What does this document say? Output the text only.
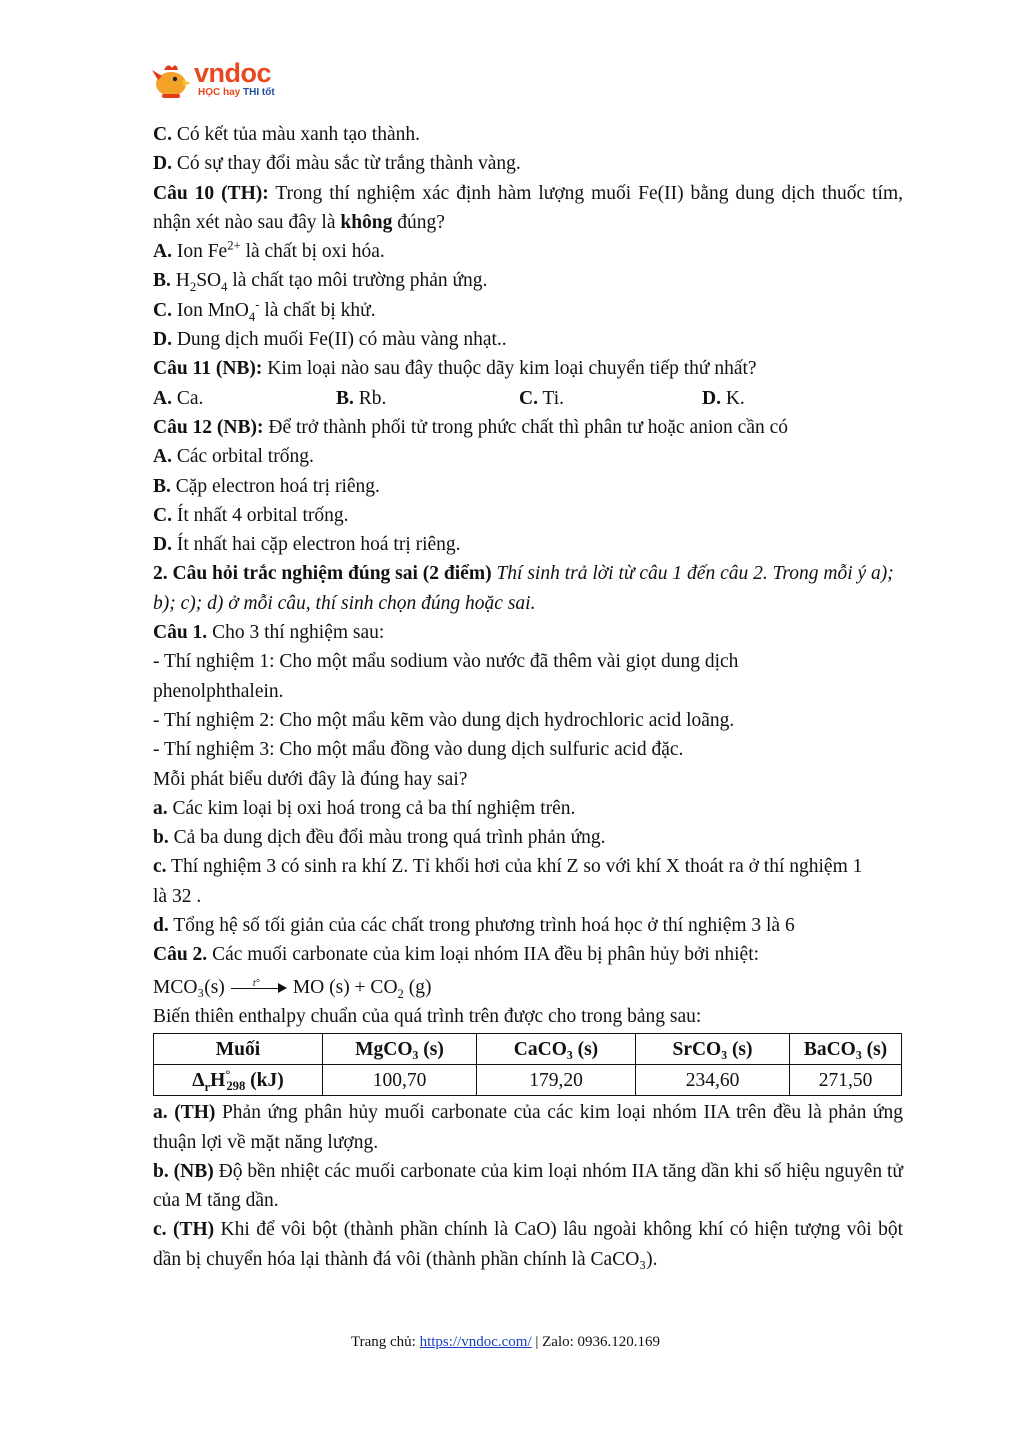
vndoc
HỌC hay THI tốt

C. Có kết tủa màu xanh tạo thành.

D. Có sự thay đổi màu sắc từ trắng thành vàng.

Câu 10 (TH): Trong thí nghiệm xác định hàm lượng muối Fe(II) bằng dung dịch thuốc tím, nhận xét nào sau đây là không đúng?

A. Ion $Fe^{2+}$ là chất bị oxi hóa.

B. $H_2SO_4$ là chất tạo môi trường phản ứng.

C. Ion MnO$_4$- là chất bị khử.

D. Dung dịch muối Fe(II) có màu vàng nhạt..

Câu 11 (NB): Kim loại nào sau đây thuộc dãy kim loại chuyển tiếp thứ nhất?

A. Ca.	B. Rb.	C. Ti.	D. K.

Câu 12 (NB): Để trở thành phối tử trong phức chất thì phân tư hoặc anion cần có

A. Các orbital trống.

B. Cặp electron hoá trị riêng.

C. Ít nhất 4 orbital trống.

D. Ít nhất hai cặp electron hoá trị riêng.

2. Câu hỏi trắc nghiệm đúng sai (2 điểm) Thí sinh trả lời từ câu 1 đến câu 2. Trong mỗi ý a); b); c); d) ở mỗi câu, thí sinh chọn đúng hoặc sai.

Câu 1. Cho 3 thí nghiệm sau:

- Thí nghiệm 1: Cho một mẩu sodium vào nước đã thêm vài giọt dung dịch phenolphthalein.

- Thí nghiệm 2: Cho một mẩu kẽm vào dung dịch hydrochloric acid loãng.

- Thí nghiệm 3: Cho một mẩu đồng vào dung dịch sulfuric acid đặc.

Mỗi phát biểu dưới đây là đúng hay sai?

a. Các kim loại bị oxi hoá trong cả ba thí nghiệm trên.

b. Cả ba dung dịch đều đổi màu trong quá trình phản ứng.

c. Thí nghiệm 3 có sinh ra khí Z. Tỉ khối hơi của khí Z so với khí X thoát ra ở thí nghiệm 1 là 32 .

d. Tổng hệ số tối giản của các chất trong phương trình hoá học ở thí nghiệm 3 là 6

Câu 2. Các muối carbonate của kim loại nhóm IIA đều bị phân hủy bởi nhiệt:

MCO₃(s)	t° MO $(s) + CO_2$ (g)

Biến thiên enthalpy chuẩn của quá trình trên được cho trong bảng sau:

Muối	MgCO₃ (s)	CaCO₃ (s)	SrCO₃ (s)	BaCO₃ (s)
$\Delta_rH^\circ_{298}$ (kJ)	100,70	179,20	234,60	271,50

a. (TH) Phản ứng phân hủy muối carbonate của các kim loại nhóm IIA trên đều là phản ứng thuận lợi về mặt năng lượng.

b. (NB) Độ bền nhiệt các muối carbonate của kim loại nhóm IIA tăng dần khi số hiệu nguyên tử của M tăng dần.

c. (TH) Khi để vôi bột (thành phần chính là CaO) lâu ngoài không khí có hiện tượng vôi bột dần bị chuyển hóa lại thành đá vôi (thành phần chính là CaCO₃).

Trang chủ: https://vndoc.com/ | Zalo: 0936.120.169
